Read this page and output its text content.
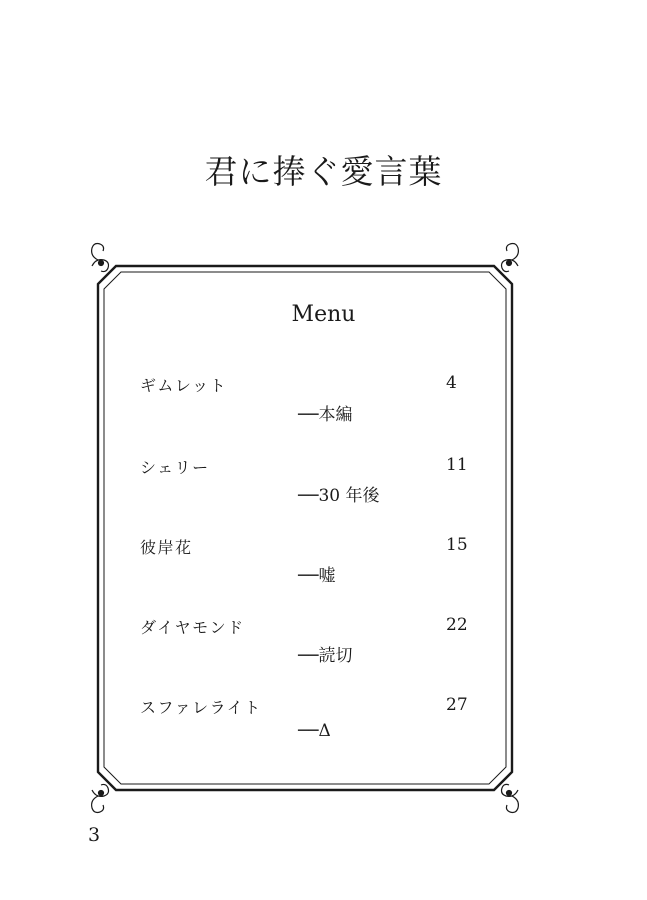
君に捧ぐ愛言葉
Menu
ギムレット	4
──本編
シェリー	11
──30 年後
彼岸花	15
──嘘
ダイヤモンド	22
──読切
スファレライト	27
──Δ
3
